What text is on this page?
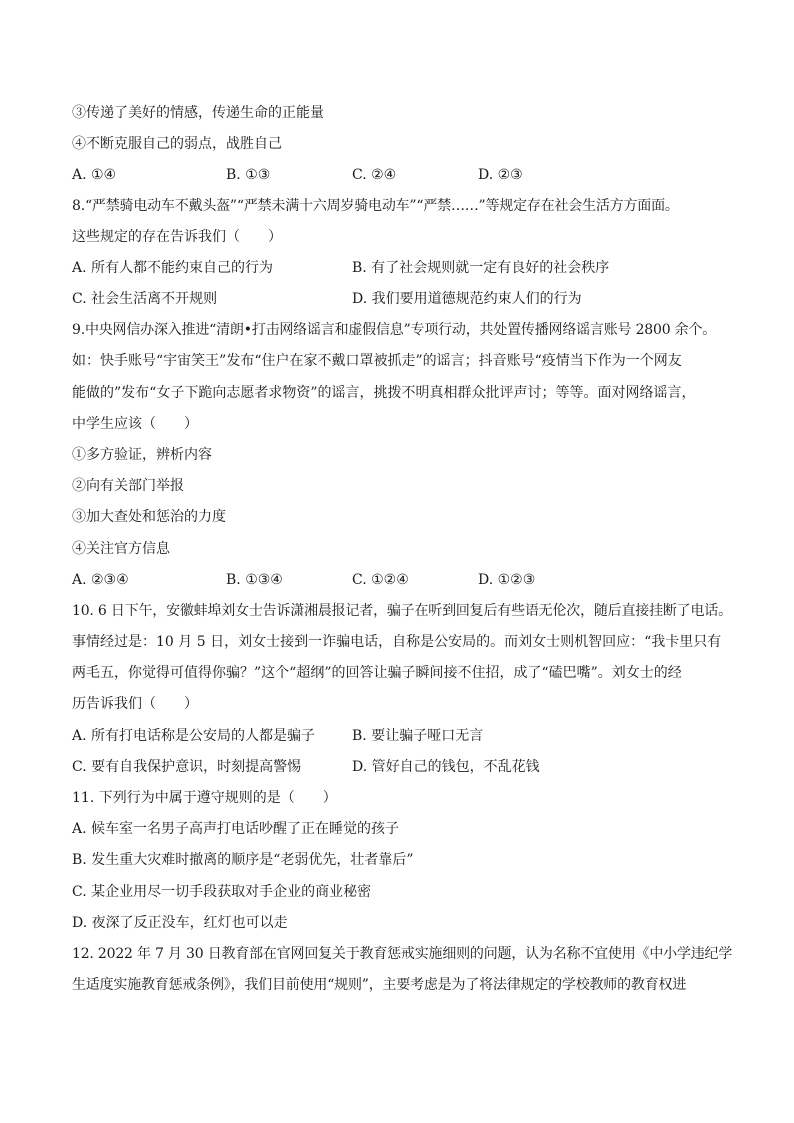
③传递了美好的情感，传递生命的正能量
④不断克服自己的弱点，战胜自己
A. ①④	B. ①③	C. ②④	D. ②③
8.“严禁骑电动车不戴头盔”“严禁未满十六周岁骑电动车”“严禁……”等规定存在社会生活方方面面。
这些规定的存在告诉我们（　　）
A. 所有人都不能约束自己的行为	B. 有了社会规则就一定有良好的社会秩序
C. 社会生活离不开规则	D. 我们要用道德规范约束人们的行为
9.中央网信办深入推进“清朗•打击网络谣言和虚假信息”专项行动，共处置传播网络谣言账号 2800 余个。
如：快手账号“宇宙笑王”发布“住户在家不戴口罩被抓走”的谣言；抖音账号“疫情当下作为一个网友
能做的”发布“女子下跪向志愿者求物资”的谣言，挑拨不明真相群众批评声讨；等等。面对网络谣言，
中学生应该（　　）
①多方验证，辨析内容
②向有关部门举报
③加大查处和惩治的力度
④关注官方信息
A. ②③④	B. ①③④	C. ①②④	D. ①②③
10. 6 日下午，安徽蚌埠刘女士告诉潇湘晨报记者，骗子在听到回复后有些语无伦次，随后直接挂断了电话。
事情经过是：10 月 5 日，刘女士接到一诈骗电话，自称是公安局的。而刘女士则机智回应：“我卡里只有
两毛五，你觉得可值得你骗？”这个“超纲”的回答让骗子瞬间接不住招，成了“磕巴嘴”。刘女士的经
历告诉我们（　　）
A. 所有打电话称是公安局的人都是骗子	B. 要让骗子哑口无言
C. 要有自我保护意识，时刻提高警惕	D. 管好自己的钱包，不乱花钱
11. 下列行为中属于遵守规则的是（　　）
A. 候车室一名男子高声打电话吵醒了正在睡觉的孩子
B. 发生重大灾难时撤离的顺序是“老弱优先，壮者靠后”
C. 某企业用尽一切手段获取对手企业的商业秘密
D. 夜深了反正没车，红灯也可以走
12. 2022 年 7 月 30 日教育部在官网回复关于教育惩戒实施细则的问题，认为名称不宜使用《中小学违纪学
生适度实施教育惩戒条例》，我们目前使用“规则”，主要考虑是为了将法律规定的学校教师的教育权进
